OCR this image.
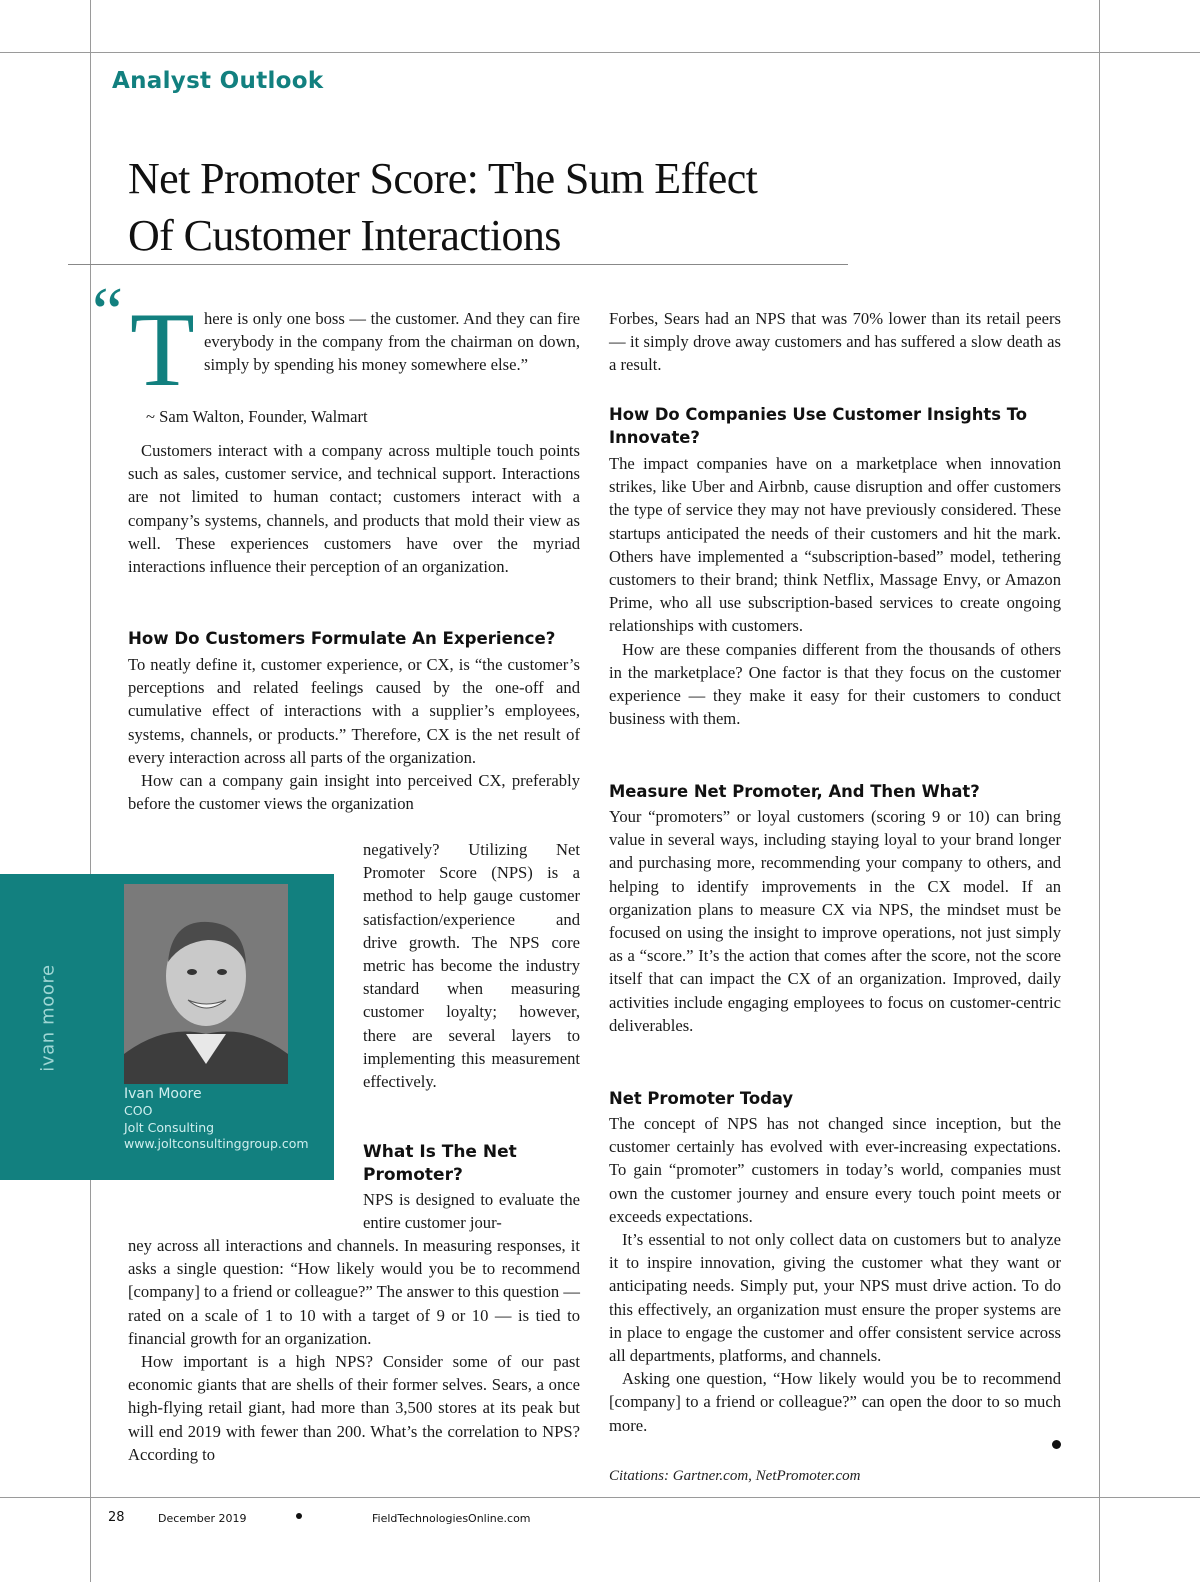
Analyst Outlook
Net Promoter Score: The Sum Effect
Of Customer Interactions
“ T here is only one boss — the customer. And they can fire everybody in the company from the chairman on down, simply by spending his money somewhere else.”

~ Sam Walton, Founder, Walmart

Customers interact with a company across multiple touch points such as sales, customer service, and technical support. Interactions are not limited to human contact; customers interact with a company’s systems, channels, and products that mold their view as well. These experiences customers have over the myriad interactions influence their perception of an organization.

How Do Customers Formulate An Experience?

To neatly define it, customer experience, or CX, is “the customer’s perceptions and related feelings caused by the one-off and cumulative effect of interactions with a supplier’s employees, systems, channels, or products.” Therefore, CX is the net result of every interaction across all parts of the organization.

How can a company gain insight into perceived CX, preferably before the customer views the organization

negatively? Utilizing Net Promoter Score (NPS) is a method to help gauge customer satisfaction/experience and drive growth. The NPS core metric has become the industry standard when measuring customer loyalty; however, there are several layers to implementing this measurement effectively.

ivan moore
Ivan Moore
COO
Jolt Consulting
www.joltconsultinggroup.com	What Is The Net Promoter?

NPS is designed to evaluate the entire customer jour-

ney across all interactions and channels. In measuring responses, it asks a single question: “How likely would you be to recommend [company] to a friend or colleague?” The answer to this question — rated on a scale of 1 to 10 with a target of 9 or 10 — is tied to financial growth for an organization.

How important is a high NPS? Consider some of our past economic giants that are shells of their former selves. Sears, a once high-flying retail giant, had more than 3,500 stores at its peak but will end 2019 with fewer than 200. What’s the correlation to NPS? According to

Forbes, Sears had an NPS that was 70% lower than its retail peers — it simply drove away customers and has suffered a slow death as a result.

How Do Companies Use Customer Insights To Innovate?

The impact companies have on a marketplace when innovation strikes, like Uber and Airbnb, cause disruption and offer customers the type of service they may not have previously considered. These startups anticipated the needs of their customers and hit the mark. Others have implemented a “subscription-based” model, tethering customers to their brand; think Netflix, Massage Envy, or Amazon Prime, who all use subscription-based services to create ongoing relationships with customers.

How are these companies different from the thousands of others in the marketplace? One factor is that they focus on the customer experience — they make it easy for their customers to conduct business with them.

Measure Net Promoter, And Then What?

Your “promoters” or loyal customers (scoring 9 or 10) can bring value in several ways, including staying loyal to your brand longer and purchasing more, recommending your company to others, and helping to identify improvements in the CX model. If an organization plans to measure CX via NPS, the mindset must be focused on using the insight to improve operations, not just simply as a “score.” It’s the action that comes after the score, not the score itself that can impact the CX of an organization. Improved, daily activities include engaging employees to focus on customer-centric deliverables.

Net Promoter Today

The concept of NPS has not changed since inception, but the customer certainly has evolved with ever-increasing expectations. To gain “promoter” customers in today’s world, companies must own the customer journey and ensure every touch point meets or exceeds expectations.

It’s essential to not only collect data on customers but to analyze it to inspire innovation, giving the customer what they want or anticipating needs. Simply put, your NPS must drive action. To do this effectively, an organization must ensure the proper systems are in place to engage the customer and offer consistent service across all departments, platforms, and channels.

Asking one question, “How likely would you be to recommend [company] to a friend or colleague?” can open the door to so much more.

Citations: Gartner.com, NetPromoter.com
28	December 2019	FieldTechnologiesOnline.com
